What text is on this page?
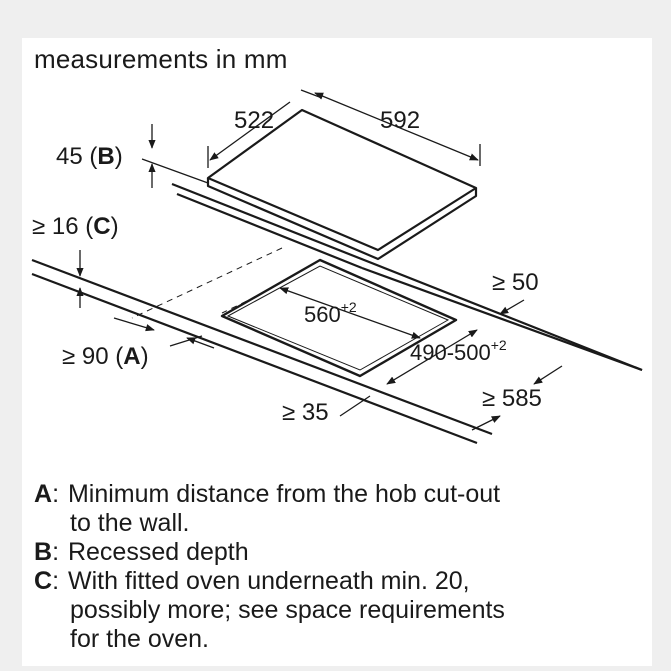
measurements in mm
522	592
45 (B)
≥ 16 (C)
$560^{+2}$
$490-500^{+2}$
≥ 50
≥ 90 (A)
≥ 35
≥ 585
A : Minimum distance from the hob cut-out
to the wall.
B : Recessed depth
C : With fitted oven underneath min. 20,
possibly more; see space requirements
for the oven.
